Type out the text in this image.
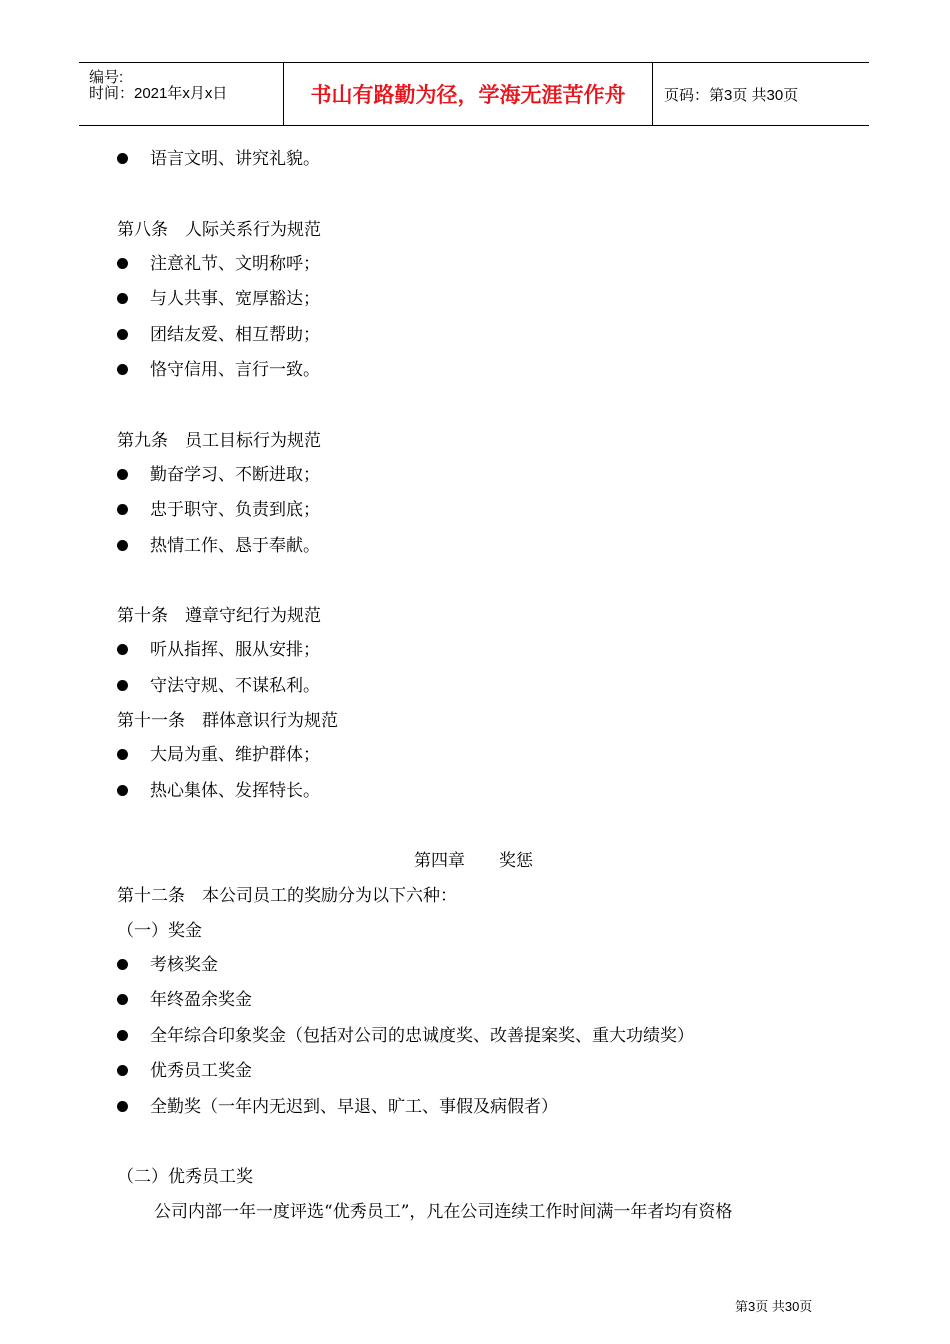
编号:
时间：2021年x月x日	书山有路勤为径，学海无涯苦作舟	页码：第3页 共30页
语言文明、讲究礼貌。
第八条　人际关系行为规范
注意礼节、文明称呼；
与人共事、宽厚豁达；
团结友爱、相互帮助；
恪守信用、言行一致。
第九条　员工目标行为规范
勤奋学习、不断进取；
忠于职守、负责到底；
热情工作、恳于奉献。
第十条　遵章守纪行为规范
听从指挥、服从安排；
守法守规、不谋私利。
第十一条　群体意识行为规范
大局为重、维护群体；
热心集体、发挥特长。
第四章　　奖惩
第十二条　本公司员工的奖励分为以下六种：
（一）奖金
考核奖金
年终盈余奖金
全年综合印象奖金（包括对公司的忠诚度奖、改善提案奖、重大功绩奖）
优秀员工奖金
全勤奖（一年内无迟到、早退、旷工、事假及病假者）
（二）优秀员工奖
公司内部一年一度评选“优秀员工”，凡在公司连续工作时间满一年者均有资格
第3页 共30页
